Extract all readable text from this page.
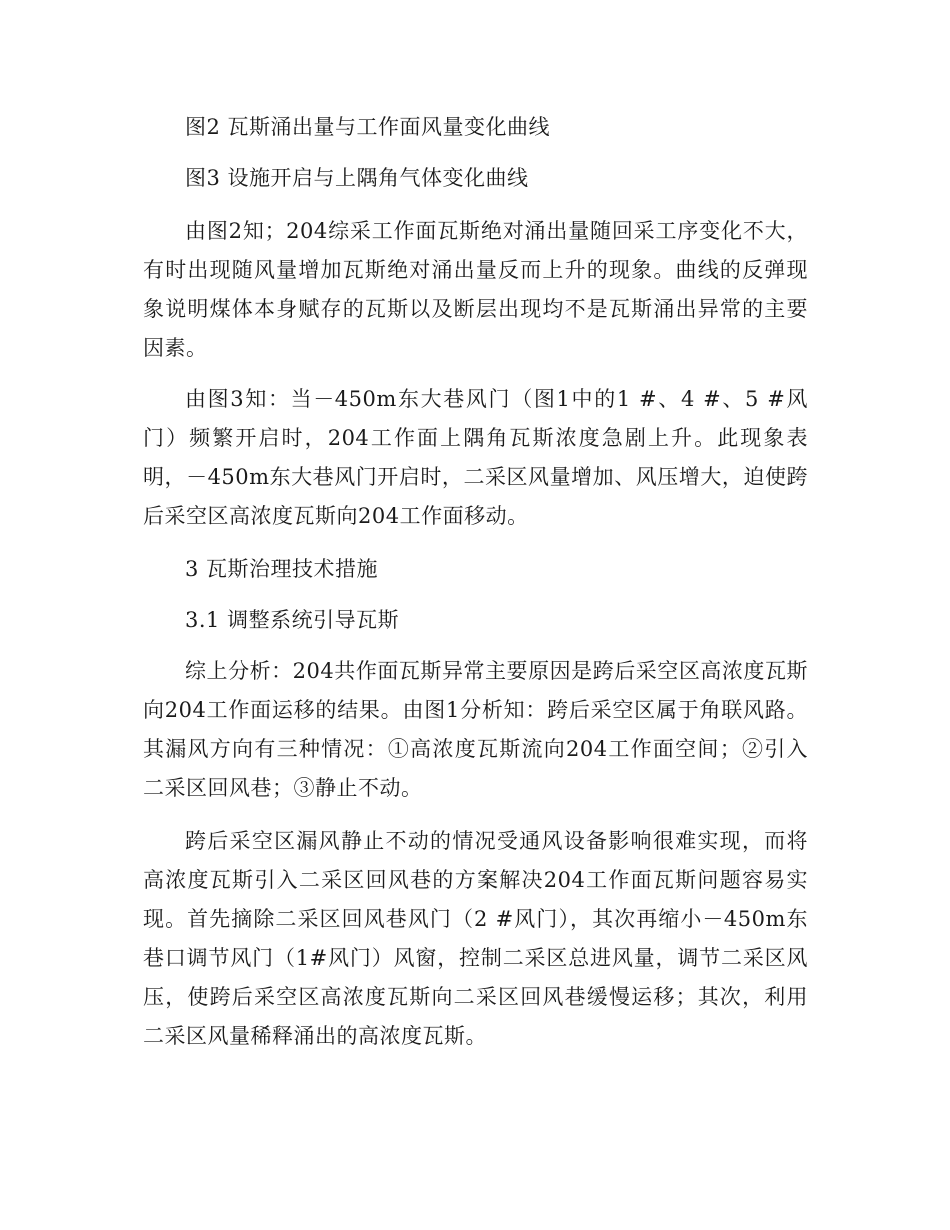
图2 瓦斯涌出量与工作面风量变化曲线

图3 设施开启与上隅角气体变化曲线

由图2知；204综采工作面瓦斯绝对涌出量随回采工序变化不大，有时出现随风量增加瓦斯绝对涌出量反而上升的现象。曲线的反弹现象说明煤体本身赋存的瓦斯以及断层出现均不是瓦斯涌出异常的主要因素。

由图3知：当－450m东大巷风门（图1中的1 #、4 #、5 #风门）频繁开启时，204工作面上隅角瓦斯浓度急剧上升。此现象表明，－450m东大巷风门开启时，二采区风量增加、风压增大，迫使跨后采空区高浓度瓦斯向204工作面移动。

3 瓦斯治理技术措施

3.1 调整系统引导瓦斯

综上分析：204共作面瓦斯异常主要原因是跨后采空区高浓度瓦斯向204工作面运移的结果。由图1分析知：跨后采空区属于角联风路。其漏风方向有三种情况：①高浓度瓦斯流向204工作面空间；②引入二采区回风巷；③静止不动。

跨后采空区漏风静止不动的情况受通风设备影响很难实现，而将高浓度瓦斯引入二采区回风巷的方案解决204工作面瓦斯问题容易实现。首先摘除二采区回风巷风门（2 #风门），其次再缩小－450m东巷口调节风门（1#风门）风窗，控制二采区总进风量，调节二采区风压，使跨后采空区高浓度瓦斯向二采区回风巷缓慢运移；其次，利用二采区风量稀释涌出的高浓度瓦斯。
